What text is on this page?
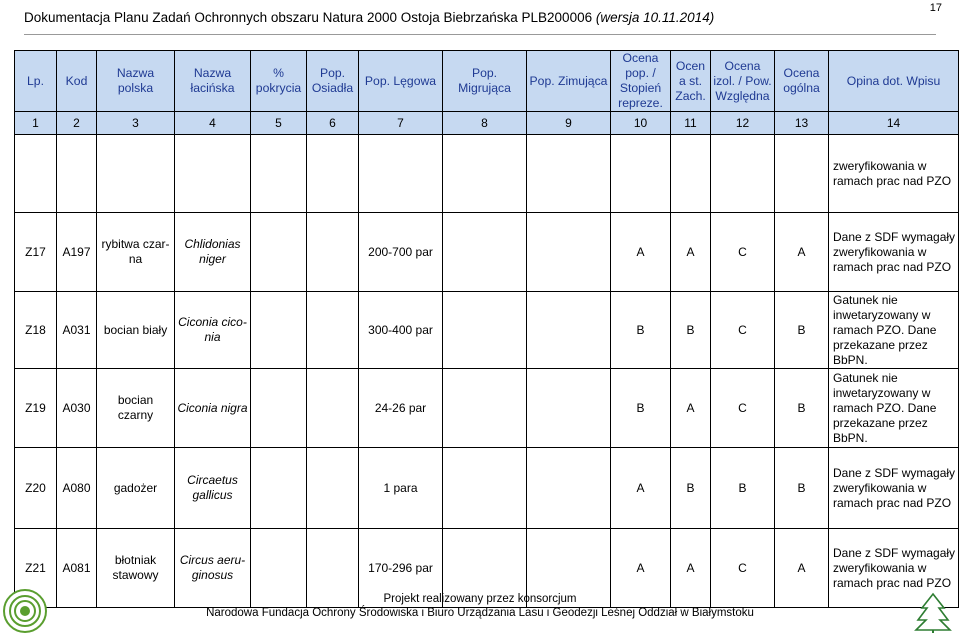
Dokumentacja Planu Zadań Ochronnych obszaru Natura 2000 Ostoja Biebrzańska PLB200006 (wersja 10.11.2014)
17
Lp.	Kod	Nazwa polska	Nazwa łacińska	% pokrycia	Pop. Osiadła	Pop. Lęgowa	Pop. Migrująca	Pop. Zimująca	Ocena pop. / Stopień repreze.	Ocen a st. Zach.	Ocena izol. / Pow. Względna	Ocena ogólna	Opina dot. Wpisu
1	2	3	4	5	6	7	8	9	10	11	12	13	14
													zweryfikowania w ramach prac nad PZO
Z17	A197	rybitwa czar-na	Chlidonias niger			200-700 par			A	A	C	A	Dane z SDF wymagały zweryfikowania w ramach prac nad PZO
Z18	A031	bocian biały	Ciconia cico-nia			300-400 par			B	B	C	B	Gatunek nie inwetaryzowany w ramach PZO. Dane przekazane przez BbPN.
Z19	A030	bocian czarny	Ciconia nigra			24-26 par			B	A	C	B	Gatunek nie inwetaryzowany w ramach PZO. Dane przekazane przez BbPN.
Z20	A080	gadożer	Circaetus gallicus			1 para			A	B	B	B	Dane z SDF wymagały zweryfikowania w ramach prac nad PZO
Z21	A081	błotniak stawowy	Circus aeru-ginosus			170-296 par			A	A	C	A	Dane z SDF wymagały zweryfikowania w ramach prac nad PZO
Projekt realizowany przez konsorcjum
Narodowa Fundacja Ochrony Środowiska i Biuro Urządzania Lasu i Geodezji Leśnej Oddział w Białymstoku
